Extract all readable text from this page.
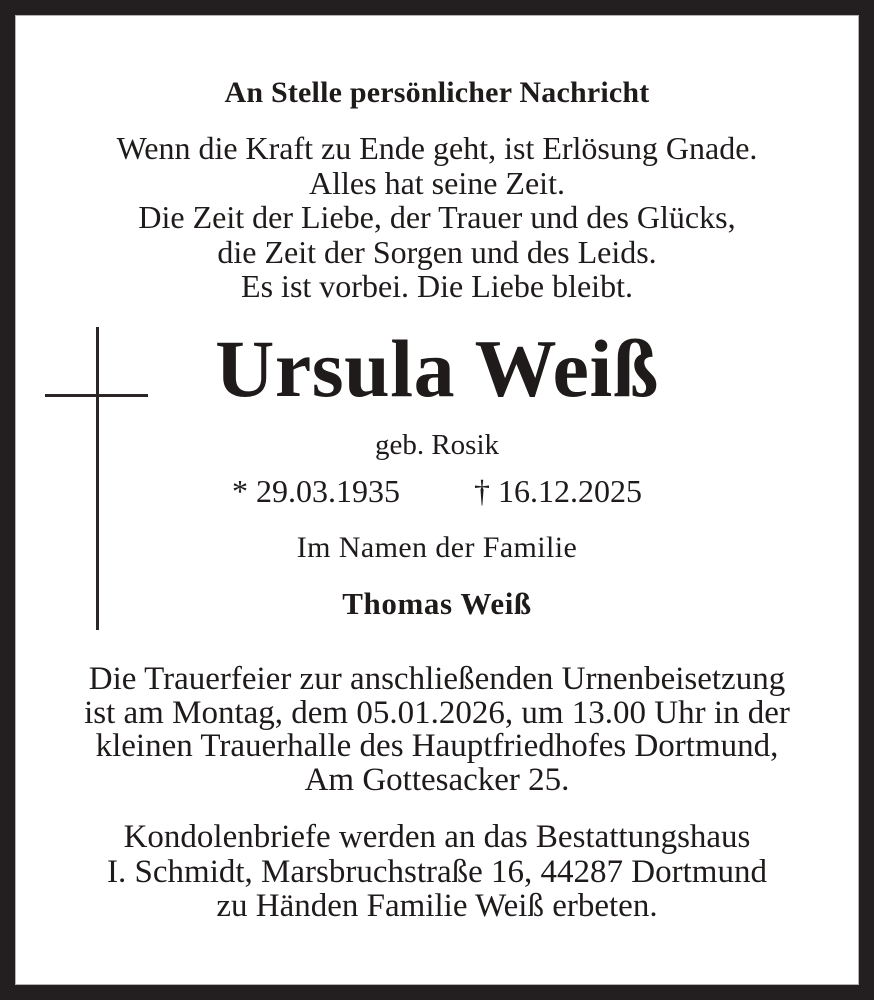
An Stelle persönlicher Nachricht
Wenn die Kraft zu Ende geht, ist Erlösung Gnade.
Alles hat seine Zeit.
Die Zeit der Liebe, der Trauer und des Glücks,
die Zeit der Sorgen und des Leids.
Es ist vorbei. Die Liebe bleibt.
Ursula Weiß
geb. Rosik
* 29.03.1935 † 16.12.2025
Im Namen der Familie
Thomas Weiß
Die Trauerfeier zur anschließenden Urnenbeisetzung
ist am Montag, dem 05.01.2026, um 13.00 Uhr in der
kleinen Trauerhalle des Hauptfriedhofes Dortmund,
Am Gottesacker 25.
Kondolenbriefe werden an das Bestattungshaus
I. Schmidt, Marsbruchstraße 16, 44287 Dortmund
zu Händen Familie Weiß erbeten.
